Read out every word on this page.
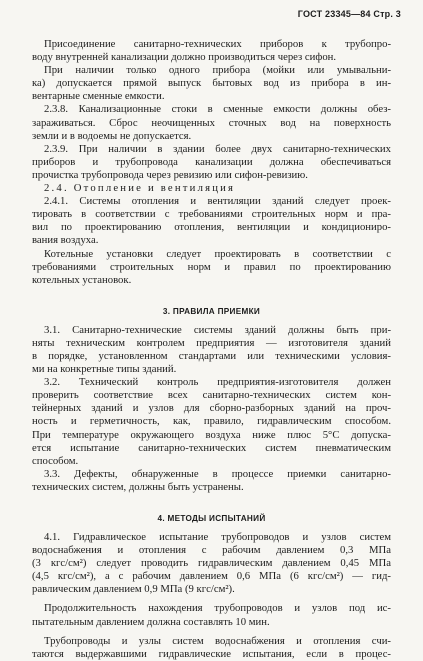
ГОСТ 23345—84 Стр. 3
Присоединение санитарно-технических приборов к трубопро-
воду внутренней канализации должно производиться через сифон.
При наличии только одного прибора (мойки или умывальни-
ка) допускается прямой выпуск бытовых вод из прибора в ин-
вентарные сменные емкости.
2.3.8. Канализационные стоки в сменные емкости должны обез-
зараживаться. Сброс неочищенных сточных вод на поверхность
земли и в водоемы не допускается.
2.3.9. При наличии в здании более двух санитарно-технических
приборов и трубопровода канализации должна обеспечиваться
прочистка трубопровода через ревизию или сифон-ревизию.
2.4. Отопление и вентиляция
2.4.1. Системы отопления и вентиляции зданий следует проек-
тировать в соответствии с требованиями строительных норм и пра-
вил по проектированию отопления, вентиляции и кондициониро-
вания воздуха.
Котельные установки следует проектировать в соответствии с
требованиями строительных норм и правил по проектированию
котельных установок.
3. ПРАВИЛА ПРИЕМКИ
3.1. Санитарно-технические системы зданий должны быть при-
няты техническим контролем предприятия — изготовителя зданий
в порядке, установленном стандартами или техническими условия-
ми на конкретные типы зданий.
3.2. Технический контроль предприятия-изготовителя должен
проверить соответствие всех санитарно-технических систем кон-
тейнерных зданий и узлов для сборно-разборных зданий на проч-
ность и герметичность, как, правило, гидравлическим способом.
При температуре окружающего воздуха ниже плюс 5°С допуска-
ется испытание санитарно-технических систем пневматическим
способом.
3.3. Дефекты, обнаруженные в процессе приемки санитарно-
технических систем, должны быть устранены.
4. МЕТОДЫ ИСПЫТАНИЙ
4.1. Гидравлическое испытание трубопроводов и узлов систем
водоснабжения и отопления с рабочим давлением 0,3 МПа
(3 кгс/см²) следует проводить гидравлическим давлением 0,45 МПа
(4,5 кгс/см²), а с рабочим давлением 0,6 МПа (6 кгс/см²) — гид-
равлическим давлением 0,9 МПа (9 кгс/см²).
Продолжительность нахождения трубопроводов и узлов под ис-
пытательным давлением должна составлять 10 мин.
Трубопроводы и узлы систем водоснабжения и отопления счи-
таются выдержавшими гидравлические испытания, если в процес-
